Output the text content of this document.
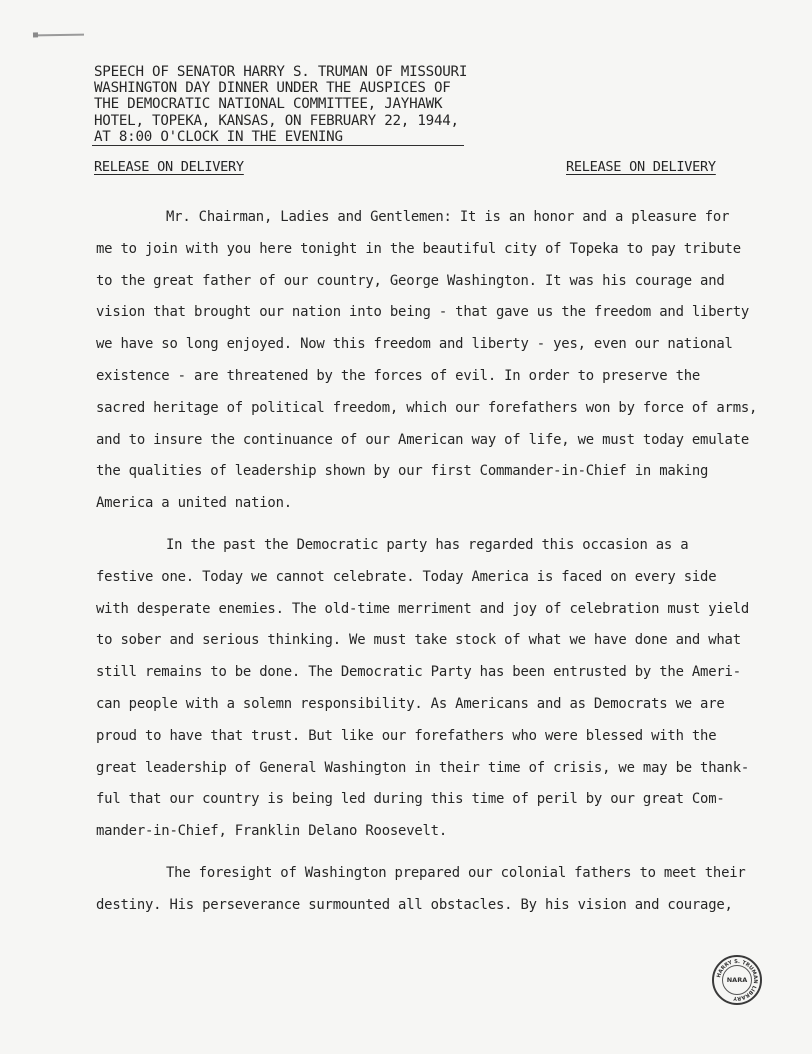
SPEECH OF SENATOR HARRY S. TRUMAN OF MISSOURI
WASHINGTON DAY DINNER UNDER THE AUSPICES OF
THE DEMOCRATIC NATIONAL COMMITTEE, JAYHAWK
HOTEL, TOPEKA, KANSAS, ON FEBRUARY 22, 1944,
AT 8:00 O'CLOCK IN THE EVENING
RELEASE ON DELIVERY	RELEASE ON DELIVERY
Mr. Chairman, Ladies and Gentlemen: It is an honor and a pleasure for
me to join with you here tonight in the beautiful city of Topeka to pay tribute
to the great father of our country, George Washington. It was his courage and
vision that brought our nation into being - that gave us the freedom and liberty
we have so long enjoyed. Now this freedom and liberty - yes, even our national
existence - are threatened by the forces of evil. In order to preserve the
sacred heritage of political freedom, which our forefathers won by force of arms,
and to insure the continuance of our American way of life, we must today emulate
the qualities of leadership shown by our first Commander-in-Chief in making
America a united nation.
In the past the Democratic party has regarded this occasion as a
festive one. Today we cannot celebrate. Today America is faced on every side
with desperate enemies. The old-time merriment and joy of celebration must yield
to sober and serious thinking. We must take stock of what we have done and what
still remains to be done. The Democratic Party has been entrusted by the Ameri-
can people with a solemn responsibility. As Americans and as Democrats we are
proud to have that trust. But like our forefathers who were blessed with the
great leadership of General Washington in their time of crisis, we may be thank-
ful that our country is being led during this time of peril by our great Com-
mander-in-Chief, Franklin Delano Roosevelt.
The foresight of Washington prepared our colonial fathers to meet their
destiny. His perseverance surmounted all obstacles. By his vision and courage,
HARRY S. TRUMAN LIBRARY
NARA
